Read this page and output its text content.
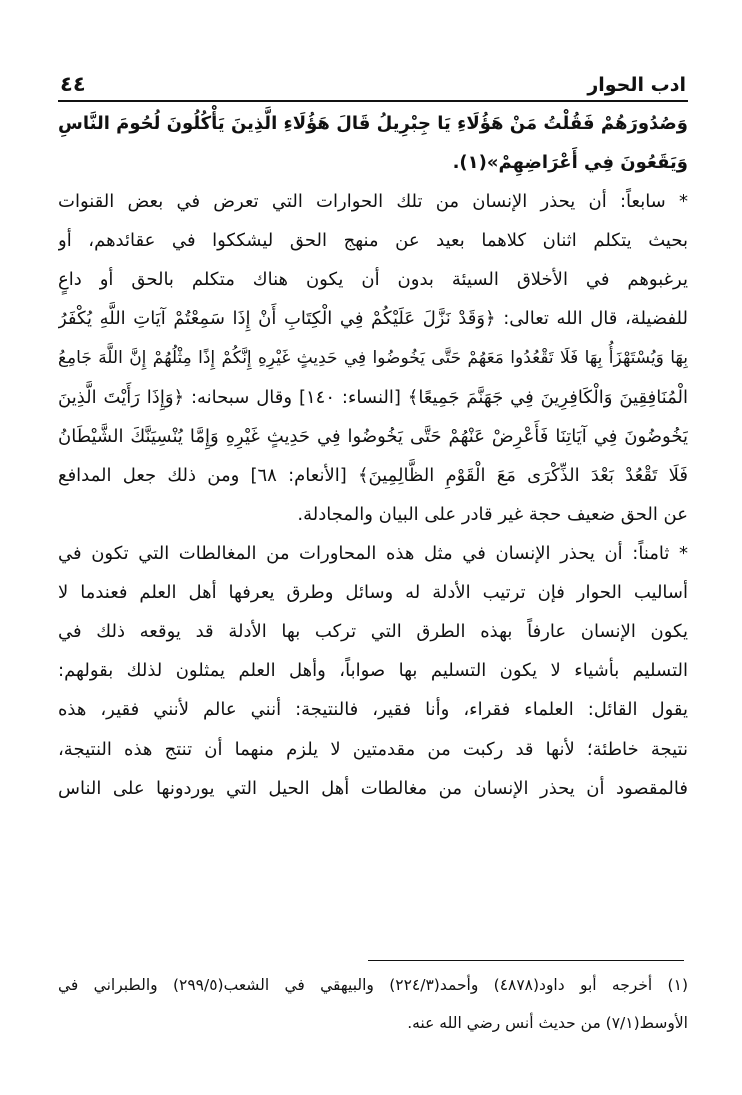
٤٤	ادب الحوار
وَصُدُورَهُمْ فَقُلْتُ مَنْ هَؤُلَاءِ يَا جِبْرِيلُ قَالَ هَؤُلَاءِ الَّذِينَ يَأْكُلُونَ لُحُومَ النَّاسِ
وَيَقَعُونَ فِي أَعْرَاضِهِمْ»(١).
* سابعاً: أن يحذر الإنسان من تلك الحوارات التي تعرض في بعض القنوات
بحيث يتكلم اثنان كلاهما بعيد عن منهج الحق ليشككوا في عقائدهم، أو
يرغبوهم في الأخلاق السيئة بدون أن يكون هناك متكلم بالحق أو داعٍ
للفضيلة، قال الله تعالى: ﴿وَقَدْ نَزَّلَ عَلَيْكُمْ فِي الْكِتَابِ أَنْ إِذَا سَمِعْتُمْ آيَاتِ اللَّهِ يُكْفَرُ
بِهَا وَيُسْتَهْزَأُ بِهَا فَلَا تَقْعُدُوا مَعَهُمْ حَتَّى يَخُوضُوا فِي حَدِيثٍ غَيْرِهِ إِنَّكُمْ إِذًا مِثْلُهُمْ إِنَّ اللَّهَ جَامِعُ
الْمُنَافِقِينَ وَالْكَافِرِينَ فِي جَهَنَّمَ جَمِيعًا﴾ [النساء: ١٤٠] وقال سبحانه: ﴿وَإِذَا رَأَيْتَ الَّذِينَ
يَخُوضُونَ فِي آيَاتِنَا فَأَعْرِضْ عَنْهُمْ حَتَّى يَخُوضُوا فِي حَدِيثٍ غَيْرِهِ وَإِمَّا يُنْسِيَنَّكَ الشَّيْطَانُ
فَلَا تَقْعُدْ بَعْدَ الذِّكْرَى مَعَ الْقَوْمِ الظَّالِمِينَ﴾ [الأنعام: ٦٨] ومن ذلك جعل المدافع
عن الحق ضعيف حجة غير قادر على البيان والمجادلة.
* ثامناً: أن يحذر الإنسان في مثل هذه المحاورات من المغالطات التي تكون في
أساليب الحوار فإن ترتيب الأدلة له وسائل وطرق يعرفها أهل العلم فعندما لا
يكون الإنسان عارفاً بهذه الطرق التي تركب بها الأدلة قد يوقعه ذلك في
التسليم بأشياء لا يكون التسليم بها صواباً، وأهل العلم يمثلون لذلك بقولهم:
يقول القائل: العلماء فقراء، وأنا فقير، فالنتيجة: أنني عالم لأنني فقير، هذه
نتيجة خاطئة؛ لأنها قد ركبت من مقدمتين لا يلزم منهما أن تنتج هذه النتيجة،
فالمقصود أن يحذر الإنسان من مغالطات أهل الحيل التي يوردونها على الناس
(١) أخرجه أبو داود(٤٨٧٨) وأحمد(٢٢٤/٣) والبيهقي في الشعب(٢٩٩/٥) والطبراني في
الأوسط(٧/١) من حديث أنس رضي الله عنه.
